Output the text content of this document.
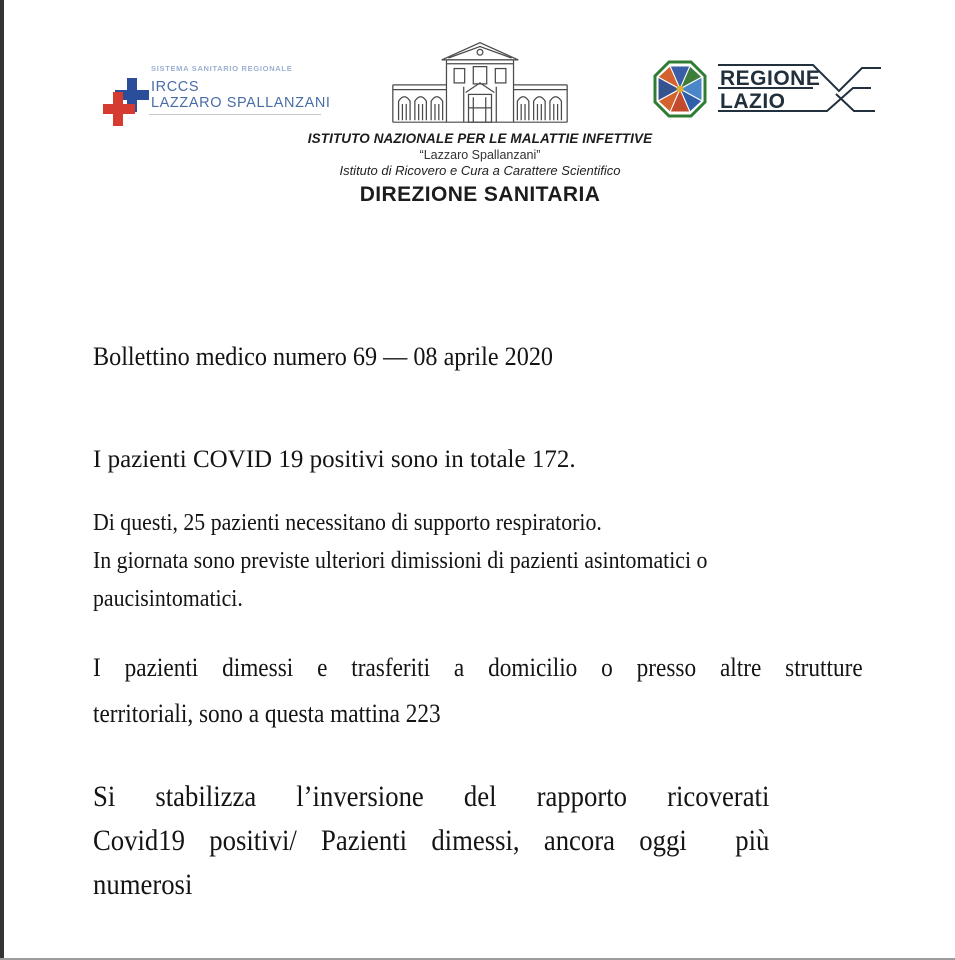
SISTEMA SANITARIO REGIONALE
IRCCS
LAZZARO SPALLANZANI
ISTITUTO NAZIONALE PER LE MALATTIE INFETTIVE
“Lazzaro Spallanzani”
Istituto di Ricovero e Cura a Carattere Scientifico
DIREZIONE SANITARIA
REGIONE
LAZIO
Bollettino medico numero 69 — 08 aprile 2020
I pazienti COVID 19 positivi sono in totale 172.
Di questi, 25 pazienti necessitano di supporto respiratorio.
In giornata sono previste ulteriori dimissioni di pazienti asintomatici o
paucisintomatici.
I pazienti dimessi e trasferiti a domicilio o presso altre strutture
territoriali, sono a questa mattina 223
Si stabilizza l’inversione del rapporto ricoverati
Covid19 positivi/ Pazienti dimessi, ancora oggi  più
numerosi
